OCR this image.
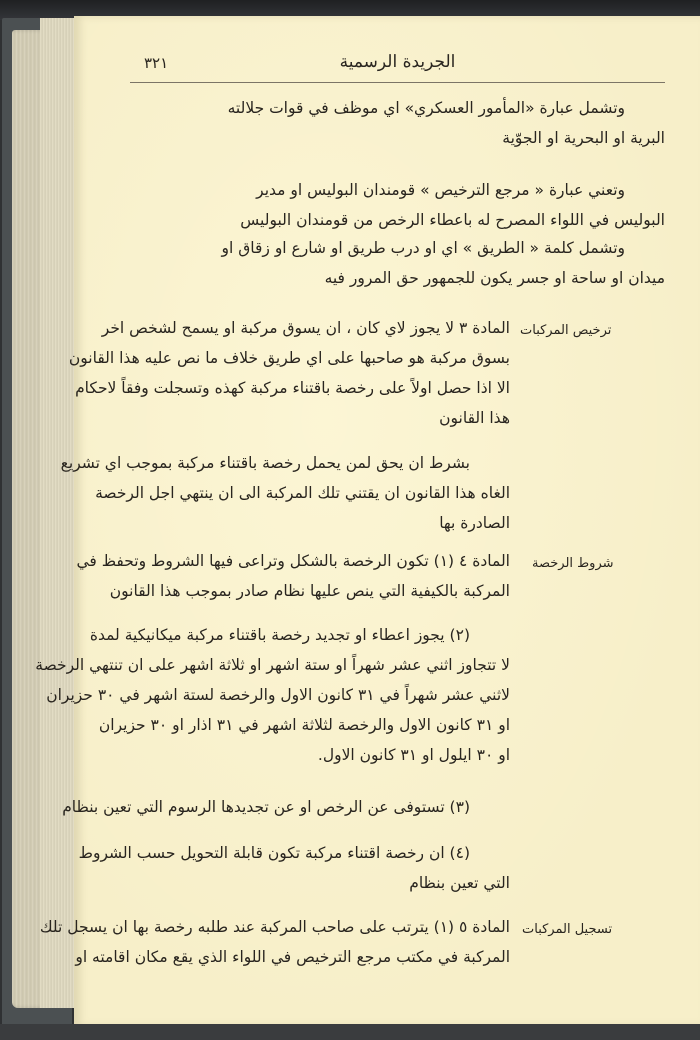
٣٢١	الجريدة الرسمية
وتشمل عبارة «المأمور العسكري» اي موظف في قوات جلالته
البرية او البحرية او الجوّية
وتعني عبارة « مرجع الترخيص » قومندان البوليس او مدير
البوليس في اللواء المصرح له باعطاء الرخص من قومندان البوليس
وتشمل كلمة « الطريق » اي او درب طريق او شارع او زقاق او
ميدان او ساحة او جسر يكون للجمهور حق المرور فيه
ترخيص المركبات
المادة ٣ لا يجوز لاي كان ، ان يسوق مركبة او يسمح لشخص اخر
بسوق مركبة هو صاحبها على اي طريق خلاف ما نص عليه هذا القانون
الا اذا حصل اولاً على رخصة باقتناء مركبة كهذه وتسجلت وفقاً لاحكام
هذا القانون
بشرط ان يحق لمن يحمل رخصة باقتناء مركبة بموجب اي تشريع
الغاه هذا القانون ان يقتني تلك المركبة الى ان ينتهي اجل الرخصة
الصادرة بها
شروط الرخصة
المادة ٤ (١) تكون الرخصة بالشكل وتراعى فيها الشروط وتحفظ في
المركبة بالكيفية التي ينص عليها نظام صادر بموجب هذا القانون
(٢) يجوز اعطاء او تجديد رخصة باقتناء مركبة ميكانيكية لمدة
لا تتجاوز اثني عشر شهراً او ستة اشهر او ثلاثة اشهر على ان تنتهي الرخصة
لاثني عشر شهراً في ٣١ كانون الاول والرخصة لستة اشهر في ٣٠ حزيران
او ٣١ كانون الاول والرخصة لثلاثة اشهر في ٣١ اذار او ٣٠ حزيران
او ٣٠ ايلول او ٣١ كانون الاول.
(٣) تستوفى عن الرخص او عن تجديدها الرسوم التي تعين بنظام
(٤) ان رخصة اقتناء مركبة تكون قابلة التحويل حسب الشروط
التي تعين بنظام
تسجيل المركبات
المادة ٥ (١) يترتب على صاحب المركبة عند طلبه رخصة بها ان يسجل تلك
المركبة في مكتب مرجع الترخيص في اللواء الذي يقع مكان اقامته او
